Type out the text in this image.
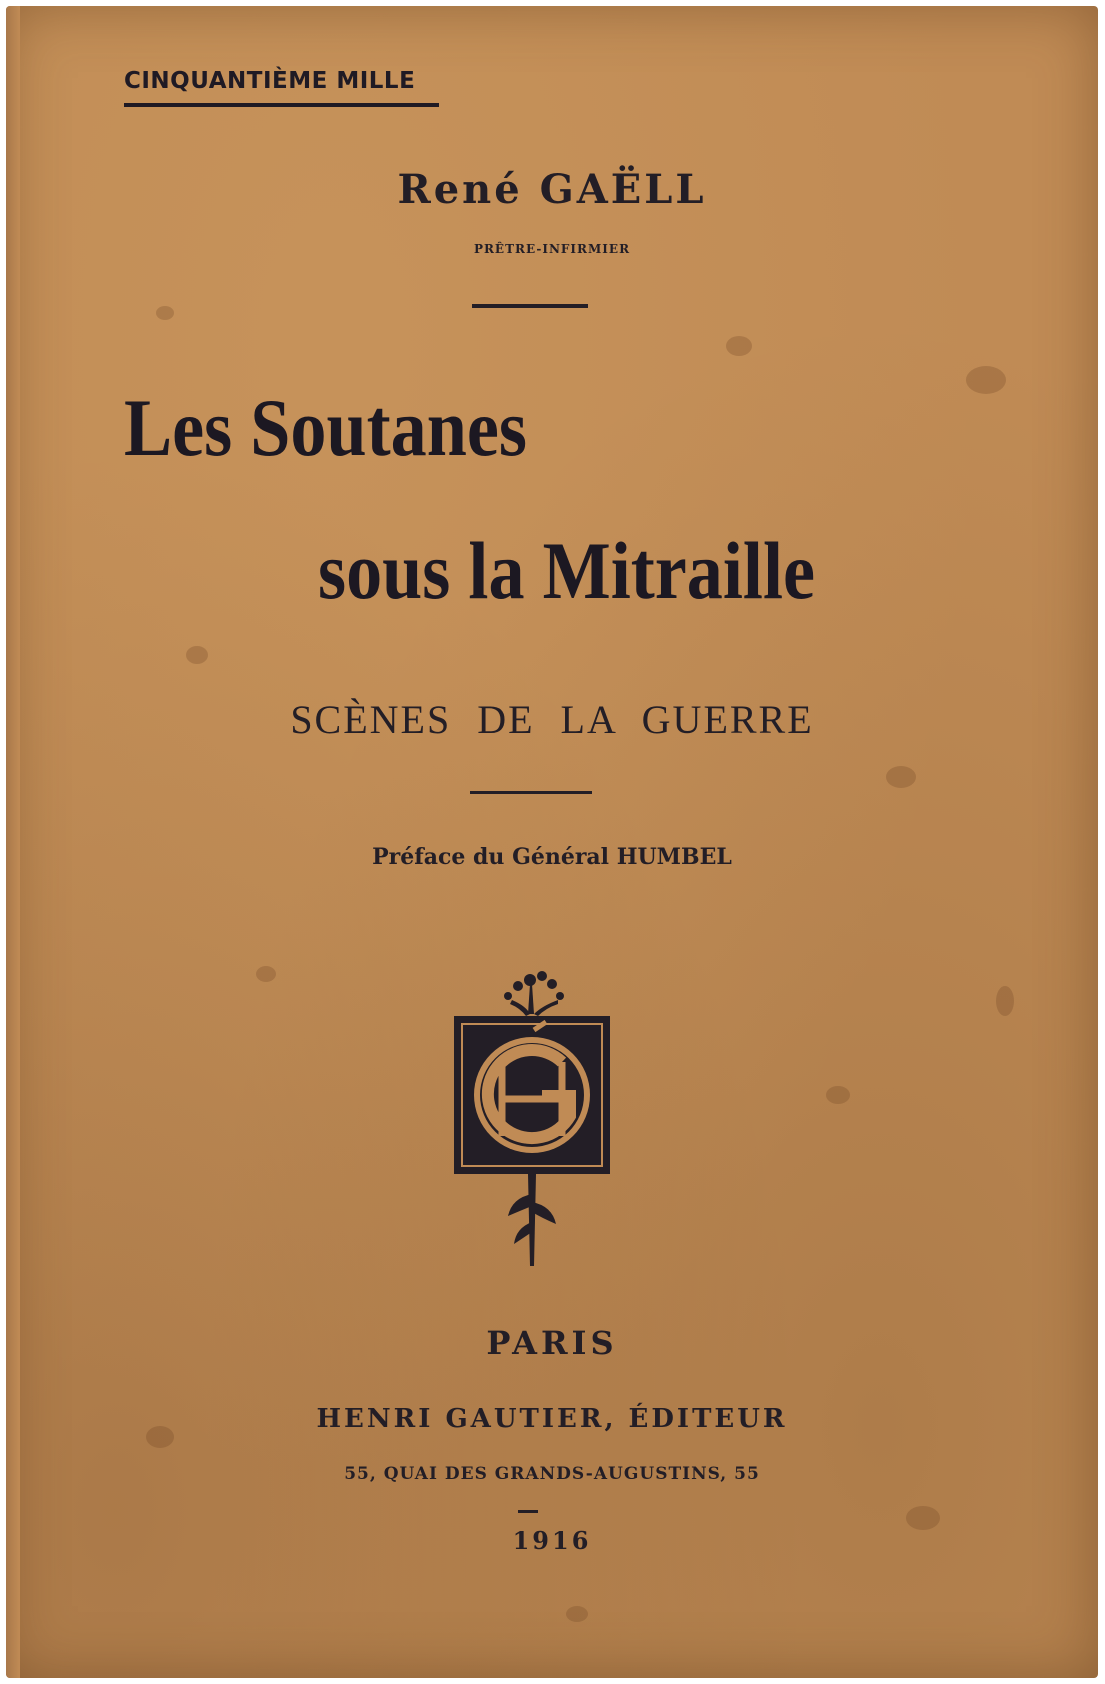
CINQUANTIÈME MILLE
René GAËLL
PRÊTRE-INFIRMIER
Les Soutanes
sous la Mitraille
SCÈNES DE LA GUERRE
Préface du Général HUMBEL
PARIS
HENRI GAUTIER, ÉDITEUR
55, QUAI DES GRANDS-AUGUSTINS, 55
1916
